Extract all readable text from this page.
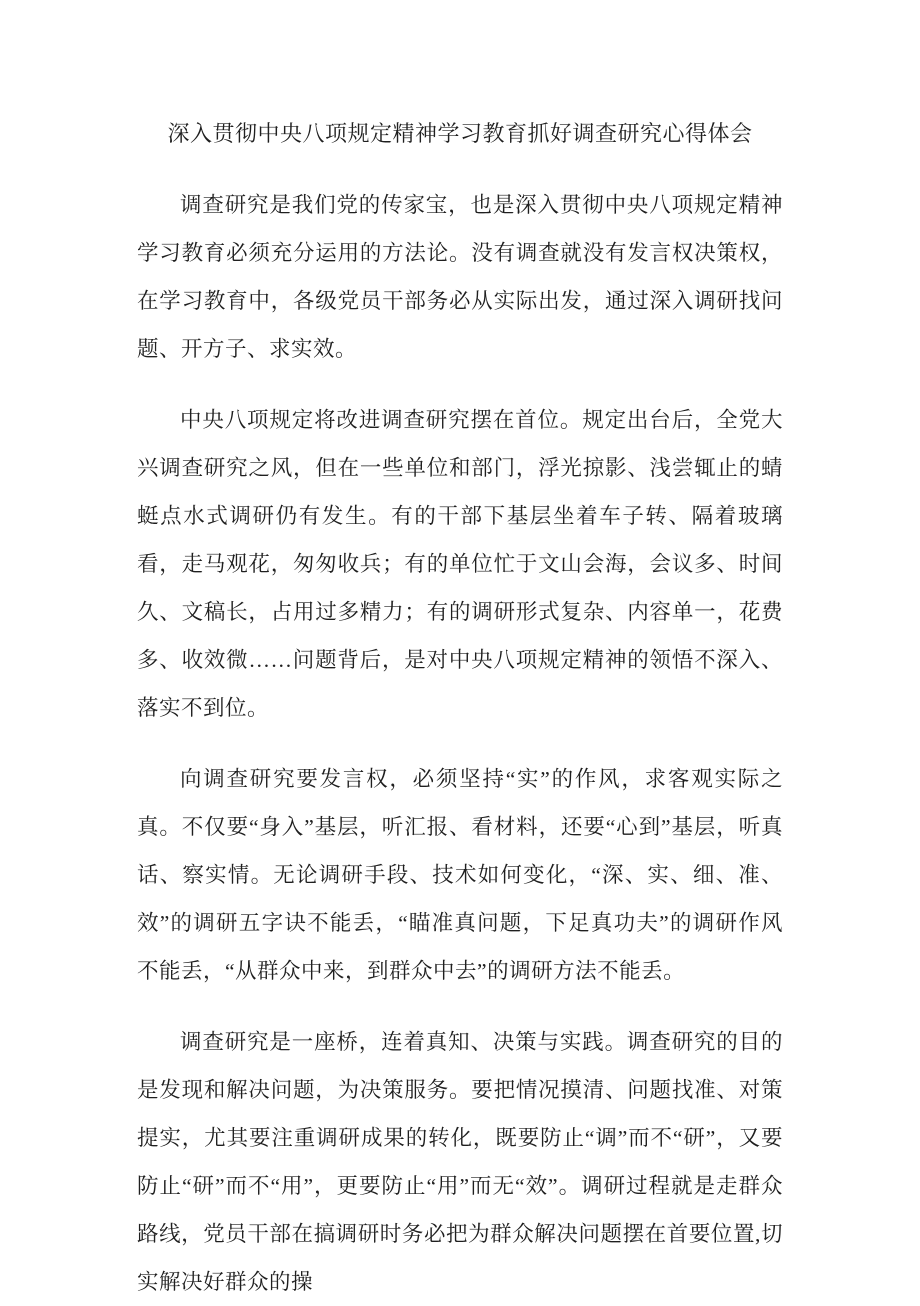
深入贯彻中央八项规定精神学习教育抓好调查研究心得体会

调查研究是我们党的传家宝，也是深入贯彻中央八项规定精神学习教育必须充分运用的方法论。没有调查就没有发言权决策权，在学习教育中，各级党员干部务必从实际出发，通过深入调研找问题、开方子、求实效。

中央八项规定将改进调查研究摆在首位。规定出台后，全党大兴调查研究之风，但在一些单位和部门，浮光掠影、浅尝辄止的蜻蜓点水式调研仍有发生。有的干部下基层坐着车子转、隔着玻璃看，走马观花，匆匆收兵；有的单位忙于文山会海，会议多、时间久、文稿长，占用过多精力；有的调研形式复杂、内容单一，花费多、收效微……问题背后，是对中央八项规定精神的领悟不深入、落实不到位。

向调查研究要发言权，必须坚持“实”的作风，求客观实际之真。不仅要“身入”基层，听汇报、看材料，还要“心到”基层，听真话、察实情。无论调研手段、技术如何变化，“深、实、细、准、效”的调研五字诀不能丢，“瞄准真问题，下足真功夫”的调研作风不能丢，“从群众中来，到群众中去”的调研方法不能丢。

调查研究是一座桥，连着真知、决策与实践。调查研究的目的是发现和解决问题，为决策服务。要把情况摸清、问题找准、对策提实，尤其要注重调研成果的转化，既要防止“调”而不“研”，又要防止“研”而不“用”，更要防止“用”而无“效”。调研过程就是走群众路线，党员干部在搞调研时务必把为群众解决问题摆在首要位置,切实解决好群众的操
